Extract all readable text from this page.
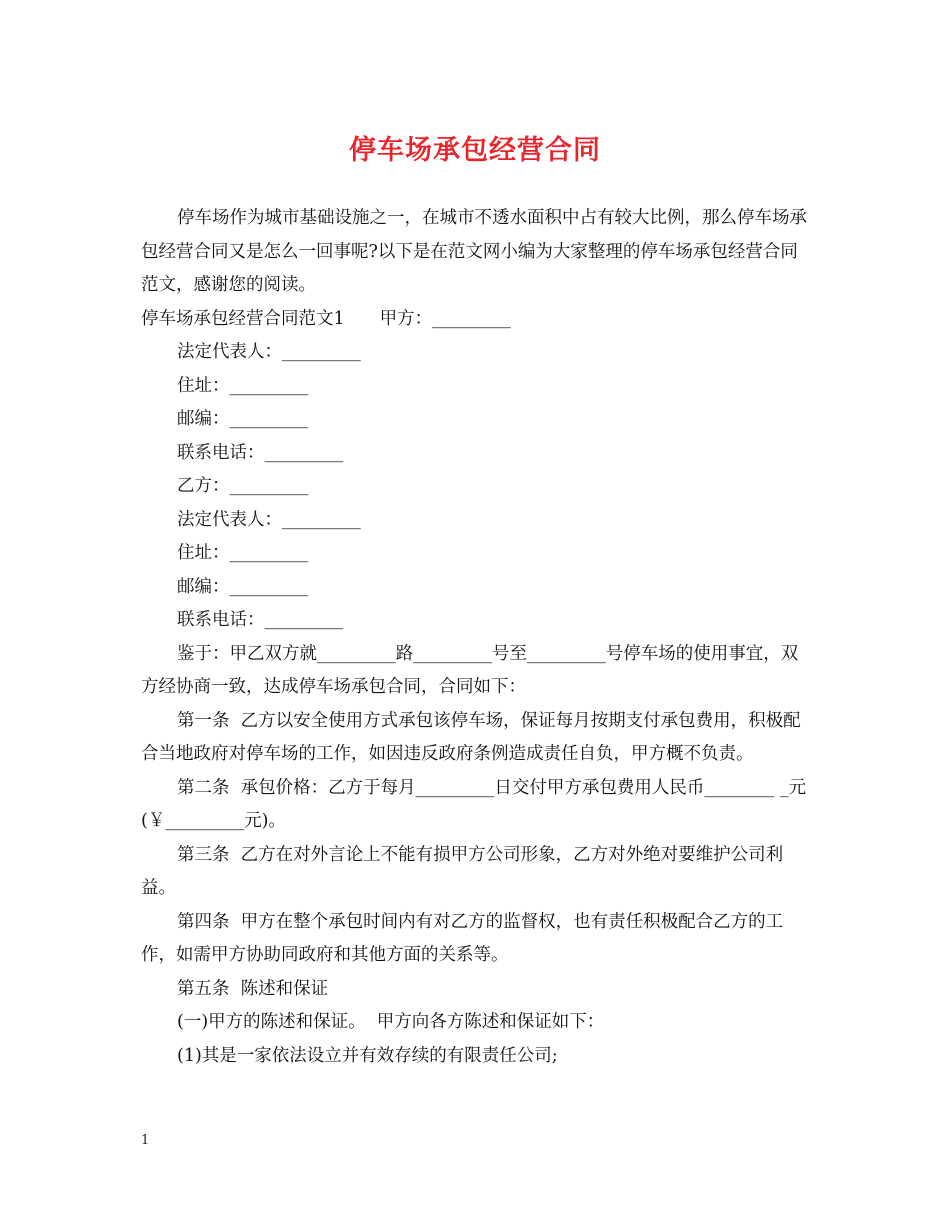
停车场承包经营合同

停车场作为城市基础设施之一，在城市不透水面积中占有较大比例，那么停车场承包经营合同又是怎么一回事呢?以下是在范文网小编为大家整理的停车场承包经营合同范文，感谢您的阅读。

停车场承包经营合同范文1　　甲方：_________

法定代表人：_________

住址：_________

邮编：_________

联系电话：_________

乙方：_________

法定代表人：_________

住址：_________

邮编：_________

联系电话：_________

鉴于：甲乙双方就_________路_________号至_________号停车场的使用事宜，双方经协商一致，达成停车场承包合同，合同如下：

第一条  乙方以安全使用方式承包该停车场，保证每月按期支付承包费用，积极配合当地政府对停车场的工作，如因违反政府条例造成责任自负，甲方概不负责。

第二条  承包价格：乙方于每月_________日交付甲方承包费用人民币________ _元(￥_________元)。

第三条  乙方在对外言论上不能有损甲方公司形象，乙方对外绝对要维护公司利益。

第四条  甲方在整个承包时间内有对乙方的监督权，也有责任积极配合乙方的工作，如需甲方协助同政府和其他方面的关系等。

第五条  陈述和保证

(一)甲方的陈述和保证。  甲方向各方陈述和保证如下：

(1)其是一家依法设立并有效存续的有限责任公司;

1
